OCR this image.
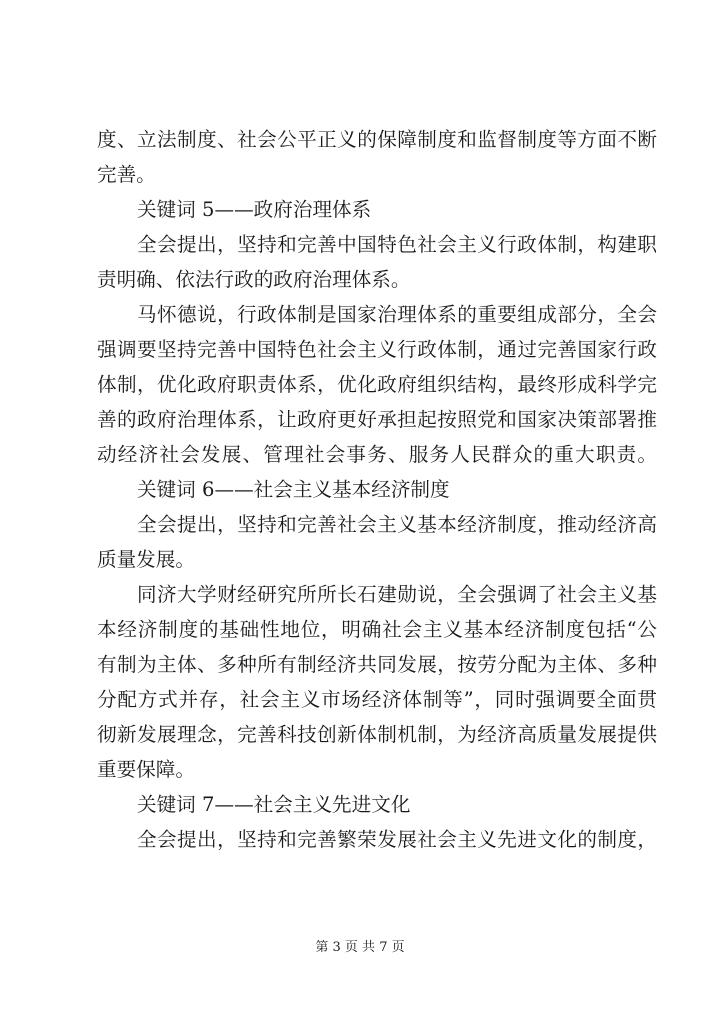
度、立法制度、社会公平正义的保障制度和监督制度等方面不断
完善。
关键词 5——政府治理体系
全会提出，坚持和完善中国特色社会主义行政体制，构建职
责明确、依法行政的政府治理体系。
马怀德说，行政体制是国家治理体系的重要组成部分，全会
强调要坚持完善中国特色社会主义行政体制，通过完善国家行政
体制，优化政府职责体系，优化政府组织结构，最终形成科学完
善的政府治理体系，让政府更好承担起按照党和国家决策部署推
动经济社会发展、管理社会事务、服务人民群众的重大职责。
关键词 6——社会主义基本经济制度
全会提出，坚持和完善社会主义基本经济制度，推动经济高
质量发展。
同济大学财经研究所所长石建勋说，全会强调了社会主义基
本经济制度的基础性地位，明确社会主义基本经济制度包括“公
有制为主体、多种所有制经济共同发展，按劳分配为主体、多种
分配方式并存，社会主义市场经济体制等”，同时强调要全面贯
彻新发展理念，完善科技创新体制机制，为经济高质量发展提供
重要保障。
关键词 7——社会主义先进文化
全会提出，坚持和完善繁荣发展社会主义先进文化的制度，
第 3 页 共 7 页
